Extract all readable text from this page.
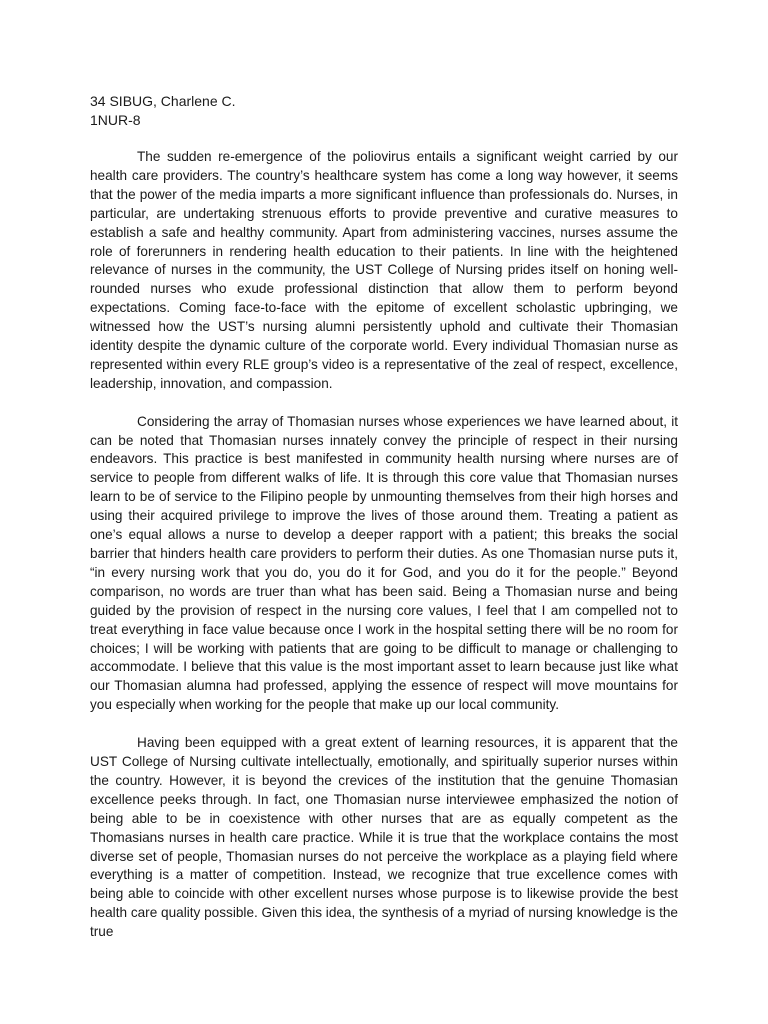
34 SIBUG, Charlene C.
1NUR-8

The sudden re-emergence of the poliovirus entails a significant weight carried by our health care providers. The country’s healthcare system has come a long way however, it seems that the power of the media imparts a more significant influence than professionals do. Nurses, in particular, are undertaking strenuous efforts to provide preventive and curative measures to establish a safe and healthy community. Apart from administering vaccines, nurses assume the role of forerunners in rendering health education to their patients. In line with the heightened relevance of nurses in the community, the UST College of Nursing prides itself on honing well-rounded nurses who exude professional distinction that allow them to perform beyond expectations. Coming face-to-face with the epitome of excellent scholastic upbringing, we witnessed how the UST’s nursing alumni persistently uphold and cultivate their Thomasian identity despite the dynamic culture of the corporate world. Every individual Thomasian nurse as represented within every RLE group’s video is a representative of the zeal of respect, excellence, leadership, innovation, and compassion.

Considering the array of Thomasian nurses whose experiences we have learned about, it can be noted that Thomasian nurses innately convey the principle of respect in their nursing endeavors. This practice is best manifested in community health nursing where nurses are of service to people from different walks of life. It is through this core value that Thomasian nurses learn to be of service to the Filipino people by unmounting themselves from their high horses and using their acquired privilege to improve the lives of those around them. Treating a patient as one’s equal allows a nurse to develop a deeper rapport with a patient; this breaks the social barrier that hinders health care providers to perform their duties. As one Thomasian nurse puts it, “in every nursing work that you do, you do it for God, and you do it for the people.” Beyond comparison, no words are truer than what has been said. Being a Thomasian nurse and being guided by the provision of respect in the nursing core values, I feel that I am compelled not to treat everything in face value because once I work in the hospital setting there will be no room for choices; I will be working with patients that are going to be difficult to manage or challenging to accommodate. I believe that this value is the most important asset to learn because just like what our Thomasian alumna had professed, applying the essence of respect will move mountains for you especially when working for the people that make up our local community.

Having been equipped with a great extent of learning resources, it is apparent that the UST College of Nursing cultivate intellectually, emotionally, and spiritually superior nurses within the country. However, it is beyond the crevices of the institution that the genuine Thomasian excellence peeks through. In fact, one Thomasian nurse interviewee emphasized the notion of being able to be in coexistence with other nurses that are as equally competent as the Thomasians nurses in health care practice. While it is true that the workplace contains the most diverse set of people, Thomasian nurses do not perceive the workplace as a playing field where everything is a matter of competition. Instead, we recognize that true excellence comes with being able to coincide with other excellent nurses whose purpose is to likewise provide the best health care quality possible. Given this idea, the synthesis of a myriad of nursing knowledge is the true
